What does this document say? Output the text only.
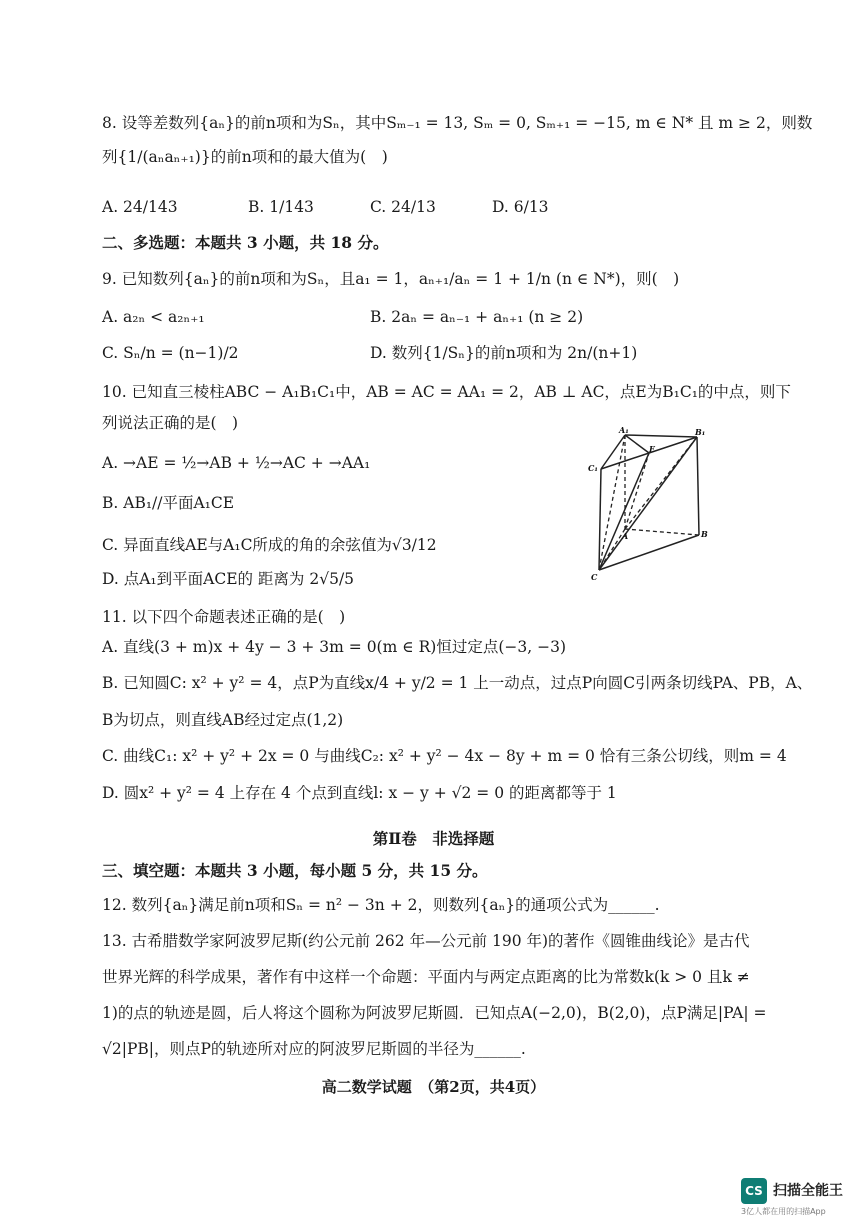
8. 设等差数列{aₙ}的前n项和为Sₙ，其中Sₘ₋₁ = 13, Sₘ = 0, Sₘ₊₁ = −15, m ∈ N* 且 m ≥ 2，则数
列{1/(aₙaₙ₊₁)}的前n项和的最大值为(　)
A. 24/143	B. 1/143	C. 24/13	D. 6/13
二、多选题：本题共 3 小题，共 18 分。
9. 已知数列{aₙ}的前n项和为Sₙ，且a₁ = 1，aₙ₊₁/aₙ = 1 + 1/n (n ∈ N*)，则(　)
A. a₂ₙ < a₂ₙ₊₁	B. 2aₙ = aₙ₋₁ + aₙ₊₁ (n ≥ 2)
C. Sₙ/n = (n−1)/2	D. 数列{1/Sₙ}的前n项和为 2n/(n+1)
10. 已知直三棱柱ABC − A₁B₁C₁中，AB = AC = AA₁ = 2，AB ⊥ AC，点E为B₁C₁的中点，则下
列说法正确的是(　)
A. →AE = ½→AB + ½→AC + →AA₁
B. AB₁//平面A₁CE
C. 异面直线AE与A₁C所成的角的余弦值为√3/12
D. 点A₁到平面ACE的 距离为 2√5/5
A₁	B₁
C₁
E
A	B
C
11. 以下四个命题表述正确的是(　)
A. 直线(3 + m)x + 4y − 3 + 3m = 0(m ∈ R)恒过定点(−3, −3)
B. 已知圆C: x² + y² = 4，点P为直线x/4 + y/2 = 1 上一动点，过点P向圆C引两条切线PA、PB，A、
B为切点，则直线AB经过定点(1,2)
C. 曲线C₁: x² + y² + 2x = 0 与曲线C₂: x² + y² − 4x − 8y + m = 0 恰有三条公切线，则m = 4
D. 圆x² + y² = 4 上存在 4 个点到直线l: x − y + √2 = 0 的距离都等于 1
第Ⅱ卷　非选择题
三、填空题：本题共 3 小题，每小题 5 分，共 15 分。
12. 数列{aₙ}满足前n项和Sₙ = n² − 3n + 2，则数列{aₙ}的通项公式为______.
13. 古希腊数学家阿波罗尼斯(约公元前 262 年—公元前 190 年)的著作《圆锥曲线论》是古代
世界光辉的科学成果，著作有中这样一个命题：平面内与两定点距离的比为常数k(k > 0 且k ≠
1)的点的轨迹是圆，后人将这个圆称为阿波罗尼斯圆．已知点A(−2,0)，B(2,0)，点P满足|PA| =
√2|PB|，则点P的轨迹所对应的阿波罗尼斯圆的半径为______.
高二数学试题　（第2页，共4页）
CS 扫描全能王
3亿人都在用的扫描App
